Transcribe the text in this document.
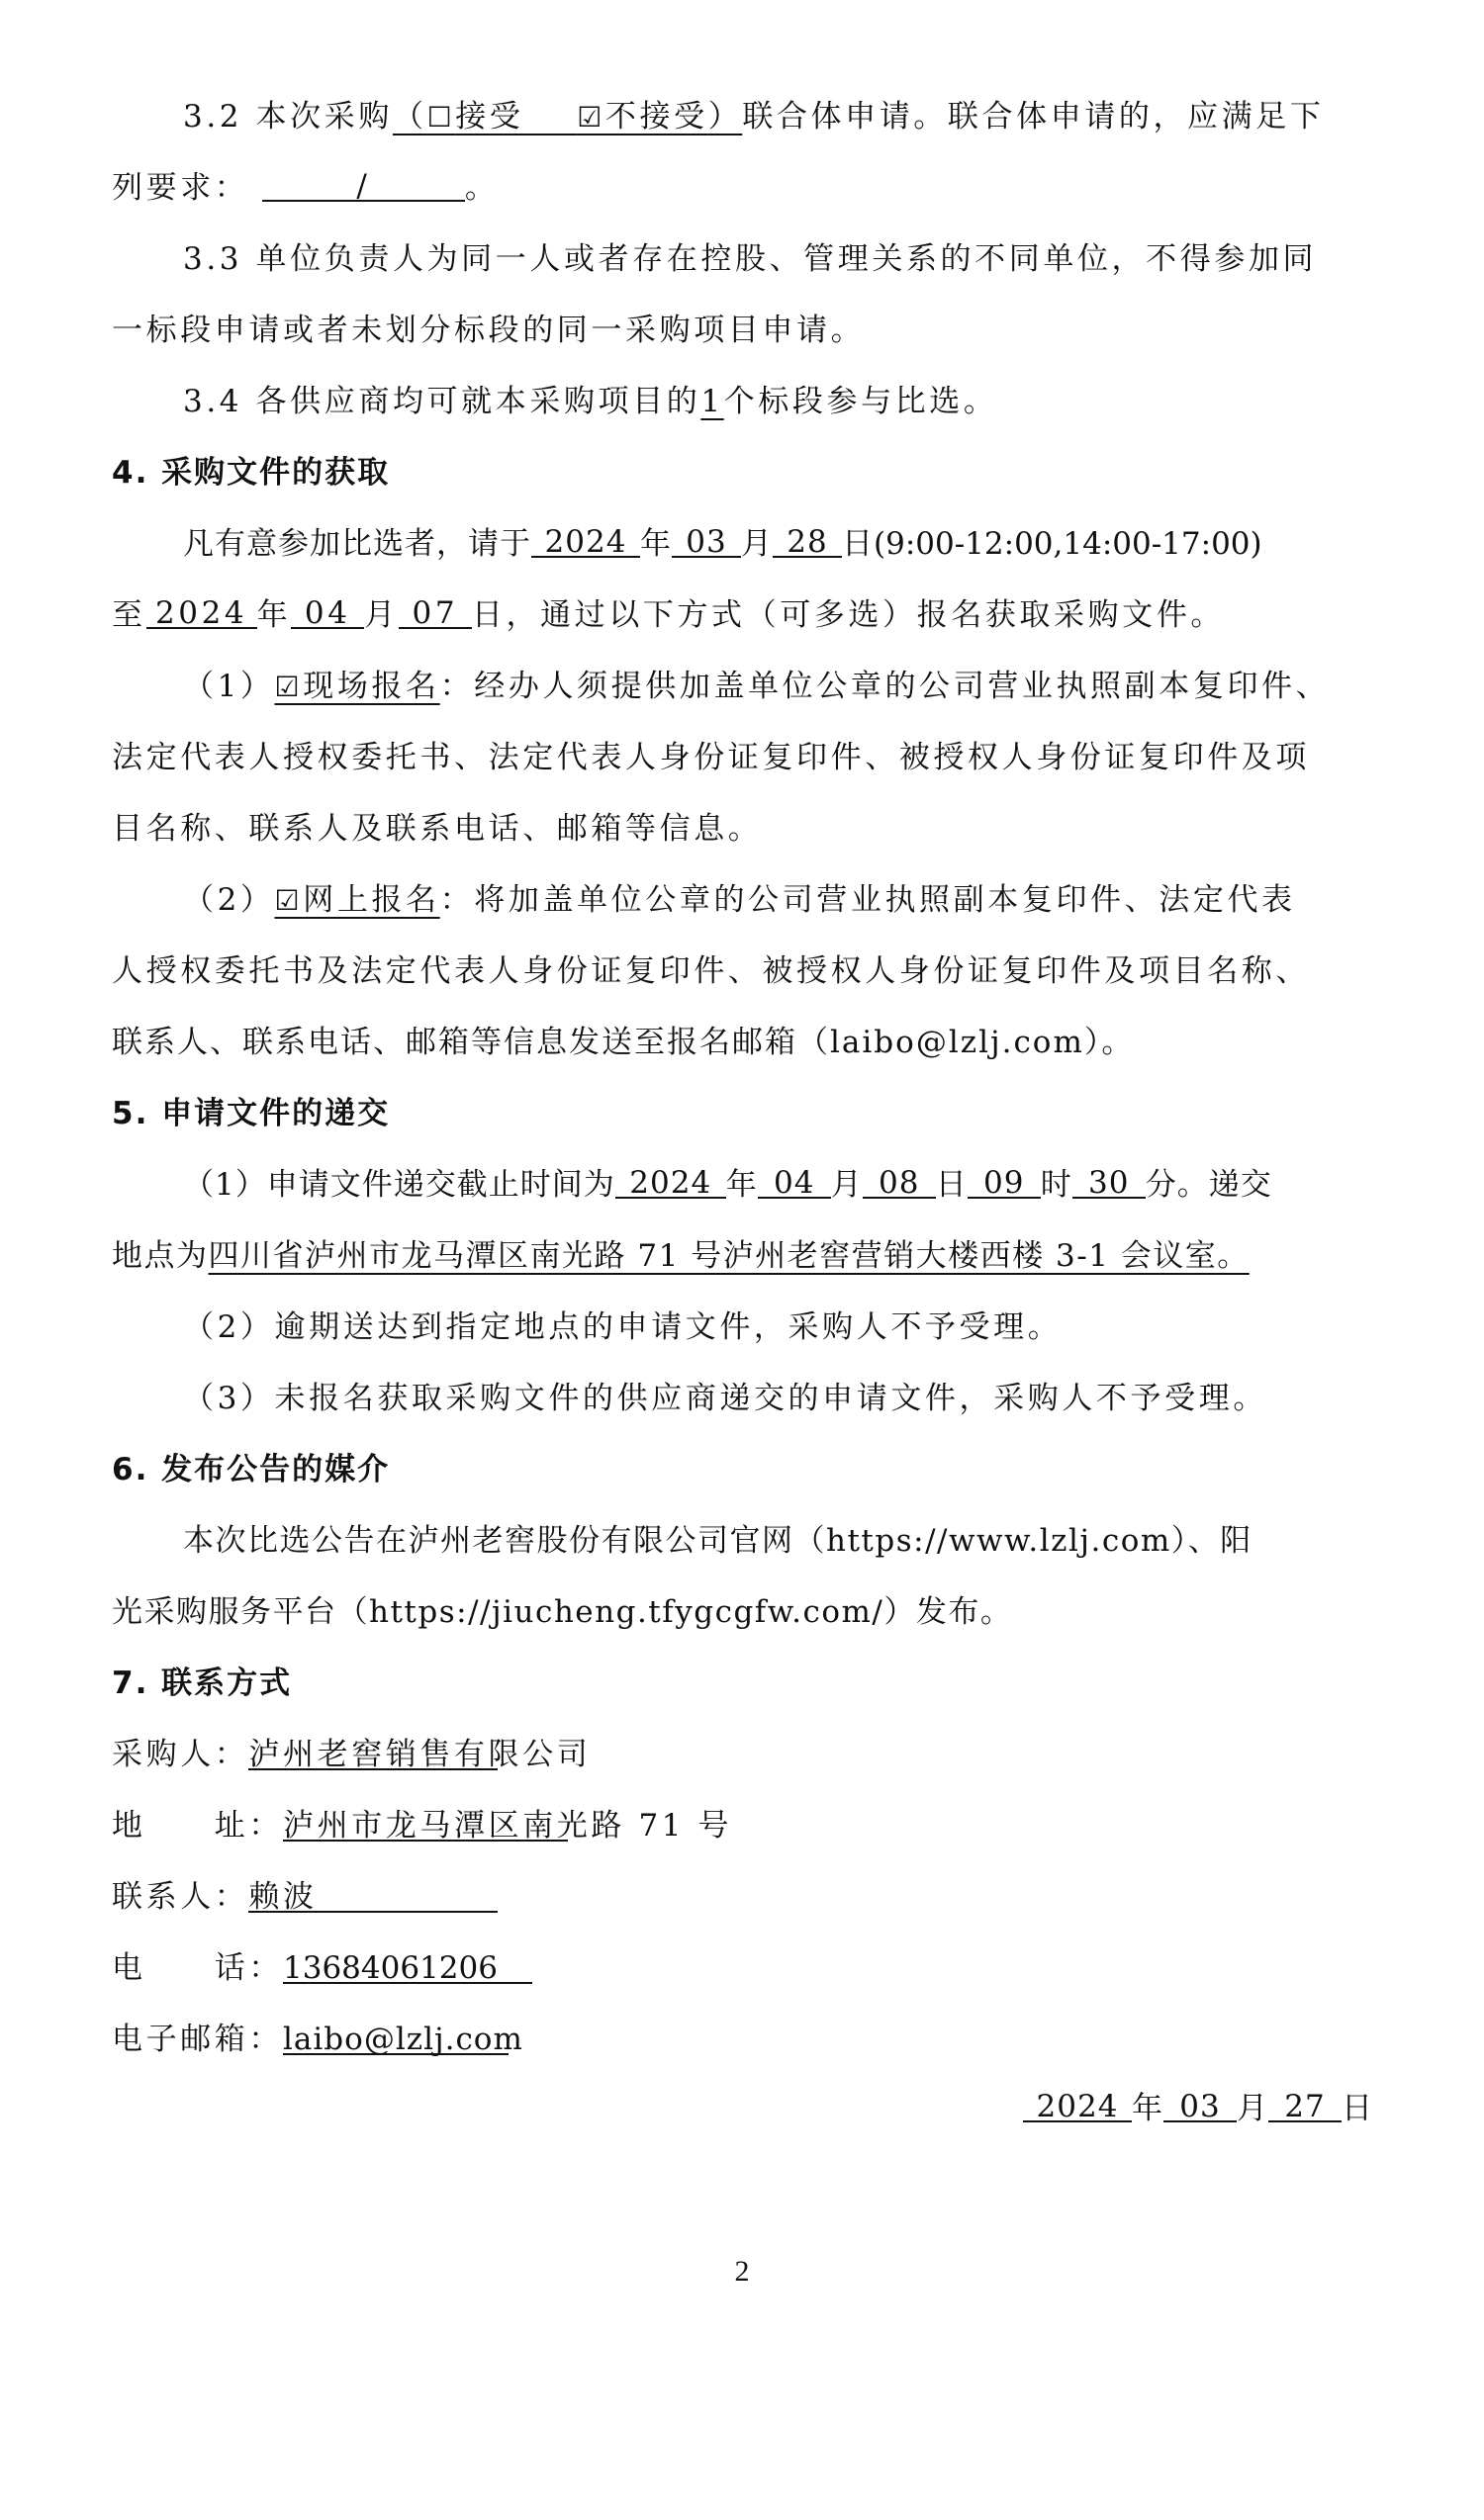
3.2 本次采购（☐接受   ☑不接受）联合体申请。联合体申请的，应满足下
列要求：	/	。
3.3 单位负责人为同一人或者存在控股、管理关系的不同单位，不得参加同
一标段申请或者未划分标段的同一采购项目申请。
3.4 各供应商均可就本采购项目的1个标段参与比选。
4. 采购文件的获取
凡有意参加比选者，请于 2024 年 03 月 28 日(9:00-12:00,14:00-17:00)
至 2024 年 04 月 07 日，通过以下方式（可多选）报名获取采购文件。
（1）☑现场报名：经办人须提供加盖单位公章的公司营业执照副本复印件、
法定代表人授权委托书、法定代表人身份证复印件、被授权人身份证复印件及项
目名称、联系人及联系电话、邮箱等信息。
（2）☑网上报名：将加盖单位公章的公司营业执照副本复印件、法定代表
人授权委托书及法定代表人身份证复印件、被授权人身份证复印件及项目名称、
联系人、联系电话、邮箱等信息发送至报名邮箱（laibo@lzlj.com）。
5. 申请文件的递交
（1）申请文件递交截止时间为 2024 年 04 月 08 日 09 时 30 分。递交
地点为四川省泸州市龙马潭区南光路 71 号泸州老窖营销大楼西楼 3-1 会议室。
（2）逾期送达到指定地点的申请文件，采购人不予受理。
（3）未报名获取采购文件的供应商递交的申请文件，采购人不予受理。
6. 发布公告的媒介
本次比选公告在泸州老窖股份有限公司官网（https://www.lzlj.com）、阳
光采购服务平台（https://jiucheng.tfygcgfw.com/）发布。
7. 联系方式
采购人：泸州老窖销售有限公司
地　　址：泸州市龙马潭区南光路 71 号
联系人：赖波
电　　话：13684061206
电子邮箱：laibo@lzlj.com
2024 年 03 月 27 日
2
